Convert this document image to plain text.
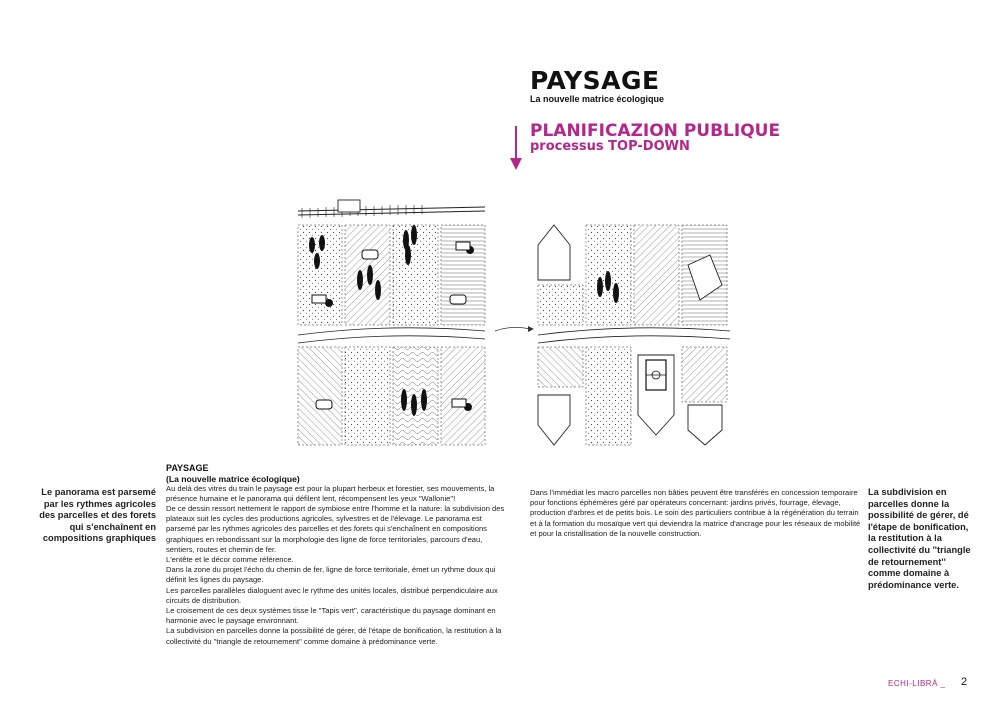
PAYSAGE
La nouvelle matrice écologique
PLANIFICAZION PUBLIQUE
processus TOP-DOWN
Le panorama est parsemé par les rythmes agricoles des parcelles et des forets qui s'enchaînent en compositions graphiques
PAYSAGE
(La nouvelle matrice écologique)

Au delà des vitres du train le paysage est pour la plupart herbeux et forestier, ses mouvements, la présence humaine et le panorama qui défilent lent, récompensent les yeux "Wallonie"!

De ce dessin ressort nettement le rapport de symbiose entre l'homme et la nature: la subdivision des plateaux suit les cycles des productions agricoles, sylvestres et de l'élevage. Le panorama est parsemé par les rythmes agricoles des parcelles et des forets qui s'enchaînent en compositions graphiques en rebondissant sur la morphologie des ligne de force territoriales, parcours d'eau, sentiers, routes et chemin de fer.

L'entête et le décor comme référence.

Dans la zone du projet l'écho du chemin de fer, ligne de force territoriale, émet un rythme doux qui définit les lignes du paysage.

Les parcelles parallèles dialoguent avec le rythme des unités locales, distribué perpendiculaire aux circuits de distribution.

Le croisement de ces deux systèmes tisse le "Tapis vert", caractéristique du paysage dominant en harmonie avec le paysage environnant.

La subdivision en parcelles donne la possibilité de gérer, dé l'étape de bonification, la restitution à la collectivité du "triangle de retournement" comme domaine à prédominance verte.

Dans l'immédiat les macro parcelles non bâties peuvent être transférés en concession temporaire pour fonctions éphémères géré par opérateurs concernant: jardins privés, fourrage, élevage, production d'arbres et de petits bois. Le soin des particuliers contribue à la régénération du terrain et à la formation du mosaïque vert qui deviendra la matrice d'ancrage pour les réseaux de mobilité et pour la cristallisation de la nouvelle construction.
La subdivision en parcelles donne la possibilité de gérer, dé l'étape de bonification, la restitution à la collectivité du ''triangle de retournement'' comme domaine à prédominance verte.
ECHI-LIBRÀ _ 2
